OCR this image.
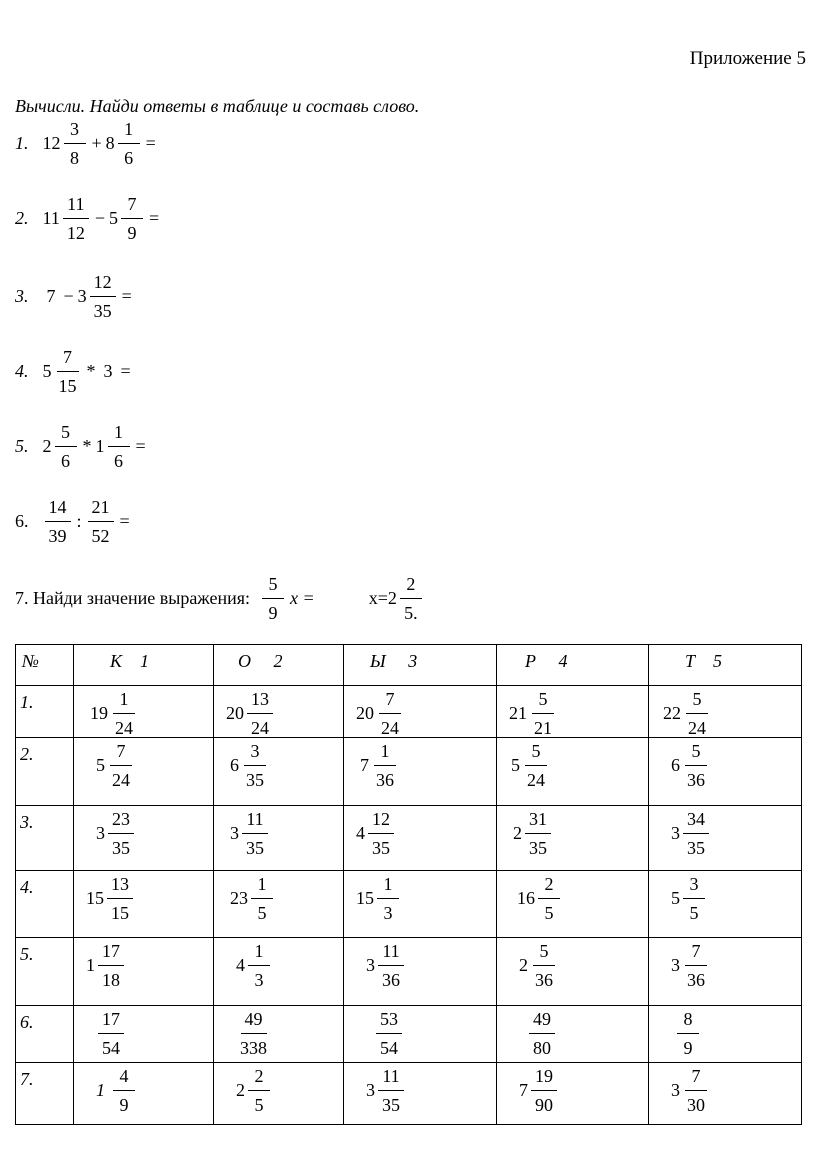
Приложение 5
Вычисли. Найди ответы в таблице и составь слово.
1. $12 \frac{3}{8} + 8 \frac{1}{6}$ =
2. $11 \frac{11}{12} - 5 \frac{7}{9}$ =
3. $7 - 3 \frac{12}{35}$ =
4. $5 \frac{7}{15} * 3$ =
5. $2 \frac{5}{6} * 1 \frac{1}{6}$ =
6. $\frac{14}{39}$ : $\frac{21}{52}$ =
7. Найди значение выражения: $\frac{5}{9}$ x =	$x= 2 \frac{2}{5.}$
№	К    1	О     2	Ы     3	Р     4	Т    5
1.	$19 \frac{1}{24}$	$20 \frac{13}{24}$	$20 \frac{7}{24}$	$21 \frac{5}{21}$	$22 \frac{5}{24}$

2.	$5 \frac{7}{24}$	$6 \frac{3}{35}$	$7 \frac{1}{36}$	$5 \frac{5}{24}$	$6 \frac{5}{36}$

3.	$3 \frac{23}{35}$	$3 \frac{11}{35}$	$4 \frac{12}{35}$	$2 \frac{31}{35}$	$3 \frac{34}{35}$

4.	$15 \frac{13}{15}$	$23 \frac{1}{5}$	$15 \frac{1}{3}$	$16 \frac{2}{5}$	$5 \frac{3}{5}$

5.	$1 \frac{17}{18}$	$4 \frac{1}{3}$	$3 \frac{11}{36}$	$2 \frac{5}{36}$	$3 \frac{7}{36}$

6.	$\frac{17}{54}$	$\frac{49}{338}$	$\frac{53}{54}$	$\frac{49}{80}$	$\frac{8}{9}$

7.	$1 \frac{4}{9}$	$2 \frac{2}{5}$	$3 \frac{11}{35}$	$7 \frac{19}{90}$	$3 \frac{7}{30}$
